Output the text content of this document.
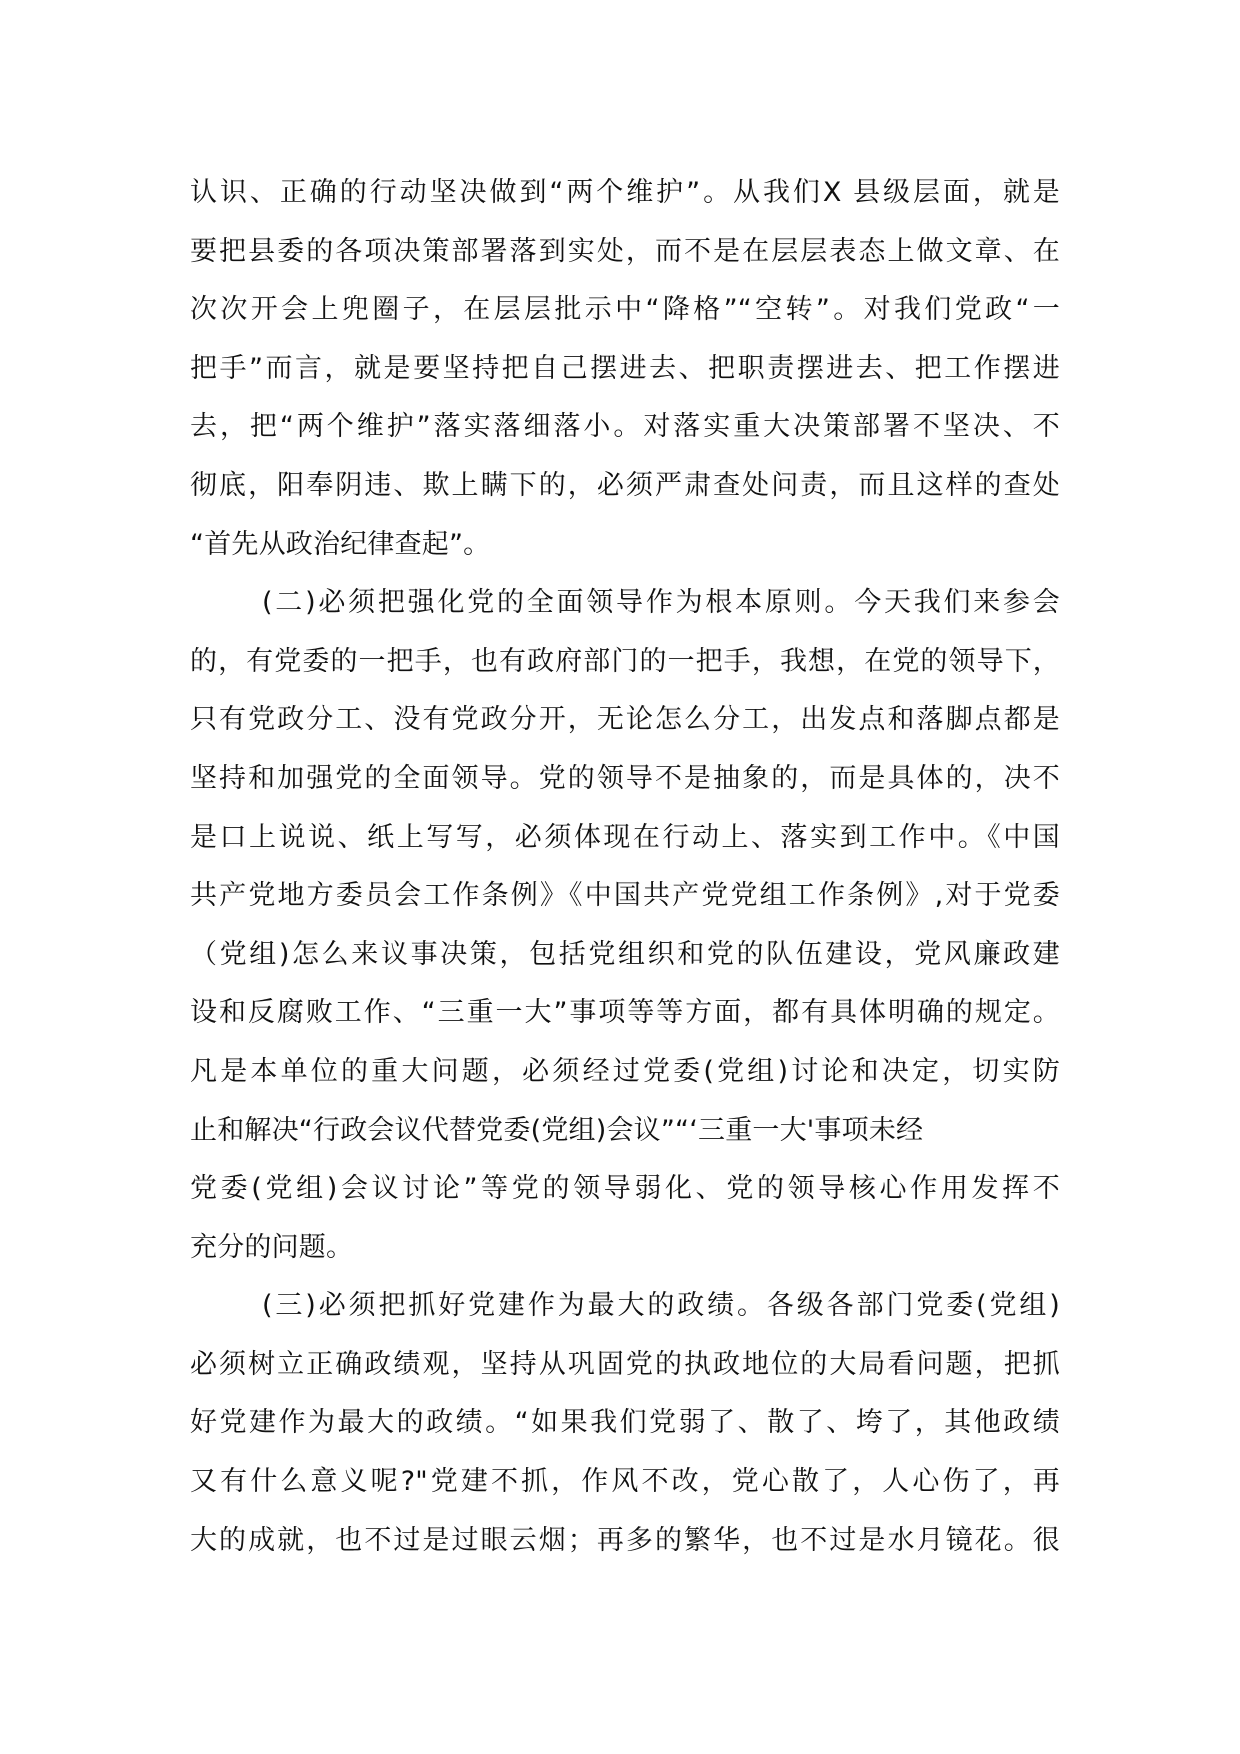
认识、正确的行动坚决做到“两个维护”。从我们X 县级层面，就是
要把县委的各项决策部署落到实处，而不是在层层表态上做文章、在
次次开会上兜圈子，在层层批示中“降格”“空转”。对我们党政“一
把手”而言，就是要坚持把自己摆进去、把职责摆进去、把工作摆进
去，把“两个维护”落实落细落小。对落实重大决策部署不坚决、不
彻底，阳奉阴违、欺上瞒下的，必须严肃查处问责，而且这样的查处
“首先从政治纪律查起”。
(二)必须把强化党的全面领导作为根本原则。今天我们来参会
的，有党委的一把手，也有政府部门的一把手，我想，在党的领导下，
只有党政分工、没有党政分开，无论怎么分工，出发点和落脚点都是
坚持和加强党的全面领导。党的领导不是抽象的，而是具体的，决不
是口上说说、纸上写写，必须体现在行动上、落实到工作中。《中国
共产党地方委员会工作条例》《中国共产党党组工作条例》,对于党委
（党组)怎么来议事决策，包括党组织和党的队伍建设，党风廉政建
设和反腐败工作、“三重一大”事项等等方面，都有具体明确的规定。
凡是本单位的重大问题，必须经过党委(党组)讨论和决定，切实防
止和解决“行政会议代替党委(党组)会议”“‘三重一大'事项未经
党委(党组)会议讨论”等党的领导弱化、党的领导核心作用发挥不
充分的问题。
(三)必须把抓好党建作为最大的政绩。各级各部门党委(党组)
必须树立正确政绩观，坚持从巩固党的执政地位的大局看问题，把抓
好党建作为最大的政绩。“如果我们党弱了、散了、垮了，其他政绩
又有什么意义呢?"党建不抓，作风不改，党心散了，人心伤了，再
大的成就，也不过是过眼云烟；再多的繁华，也不过是水月镜花。很
